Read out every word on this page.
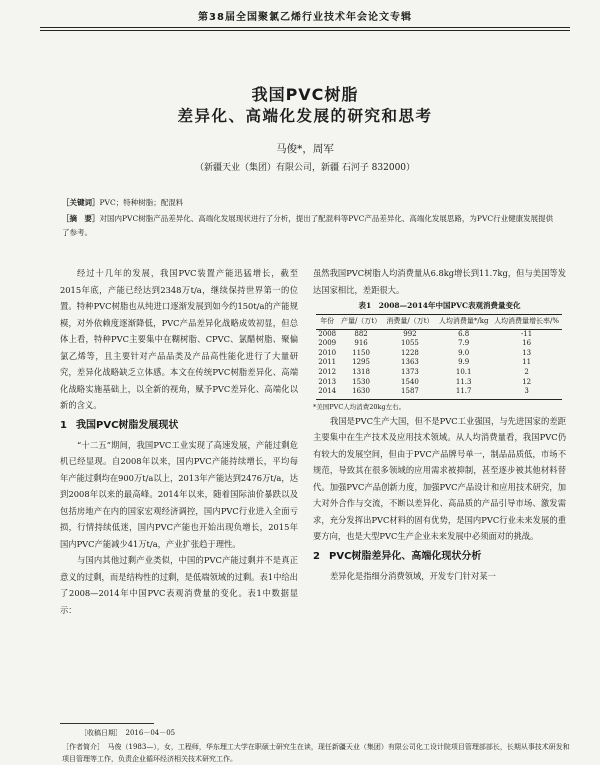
第38届全国聚氯乙烯行业技术年会论文专辑
我国PVC树脂
差异化、高端化发展的研究和思考
马俊*，周军
（新疆天业（集团）有限公司，新疆 石河子 832000）
［关键词］PVC；特种树脂；配混料
［摘　要］对国内PVC树脂产品差异化、高端化发展现状进行了分析，提出了配混料等PVC产品差异化、高端化发展思路，为PVC行业健康发展提供了参考。

经过十几年的发展，我国PVC装置产能迅猛增长，截至2015年底，产能已经达到2348万t/a，继续保持世界第一的位置。特种PVC树脂也从纯进口逐渐发展到如今约150t/a的产能规模，对外依赖度逐渐降低，PVC产品差异化战略成效初显，但总体上看，特种PVC主要集中在糊树脂、CPVC、氯醋树脂、聚偏氯乙烯等，且主要针对产品品类及产品高性能化进行了大量研究，差异化战略缺乏立体感。本文在传统PVC树脂差异化、高端化战略实施基础上，以全新的视角，赋予PVC差异化、高端化以新的含义。

1 我国PVC树脂发展现状

“十二五”期间，我国PVC工业实现了高速发展，产能过剩危机已经显现。自2008年以来，国内PVC产能持续增长，平均每年产能过剩均在900万t/a以上，2013年产能达到2476万t/a，达到2008年以来的最高峰。2014年以来，随着国际油价暴跌以及包括房地产在内的国家宏观经济调控，国内PVC行业进入全面亏损，行情持续低迷，国内PVC产能也开始出现负增长，2015年国内PVC产能减少41万t/a，产业扩张趋于理性。

与国内其他过剩产业类似，中国的PVC产能过剩并不是真正意义的过剩，而是结构性的过剩，是低端领域的过剩。表1中给出了2008—2014年中国PVC表观消费量的变化。表1中数据显示：

虽然我国PVC树脂人均消费量从6.8kg增长到11.7kg，但与美国等发达国家相比，差距很大。

表1　2008—2014年中国PVC表观消费量变化
年份	产量/（万t）	消费量/（万t）	人均消费量*/kg	人均消费量增长率/%
2008	882	992	6.8	-11
2009	916	1055	7.9	16
2010	1150	1228	9.0	13
2011	1295	1363	9.9	11
2012	1318	1373	10.1	2
2013	1530	1540	11.3	12
2014	1630	1587	11.7	3
*美国PVC人均消费20kg左右。

我国是PVC生产大国，但不是PVC工业强国，与先进国家的差距主要集中在生产技术及应用技术领域。从人均消费量看，我国PVC仍有较大的发展空间，但由于PVC产品牌号单一，制品品质低，市场不规范，导致其在很多领域的应用需求被抑制，甚至逐步被其他材料替代。加强PVC产品创新力度，加强PVC产品设计和应用技术研究，加大对外合作与交流，不断以差异化、高品质的产品引导市场、激发需求，充分发挥出PVC材料的固有优势，是国内PVC行业未来发展的重要方向，也是大型PVC生产企业未来发展中必须面对的挑战。

2 PVC树脂差异化、高端化现状分析

差异化是指细分消费领域，开发专门针对某一

［收稿日期］　2016－04－05
［作者简介］　马俊（1983—），女，工程师，华东理工大学在职硕士研究生在读，现任新疆天业（集团）有限公司化工设计院项目管理部部长，长期从事技术研发和项目管理等工作，负责企业循环经济相关技术研究工作。
